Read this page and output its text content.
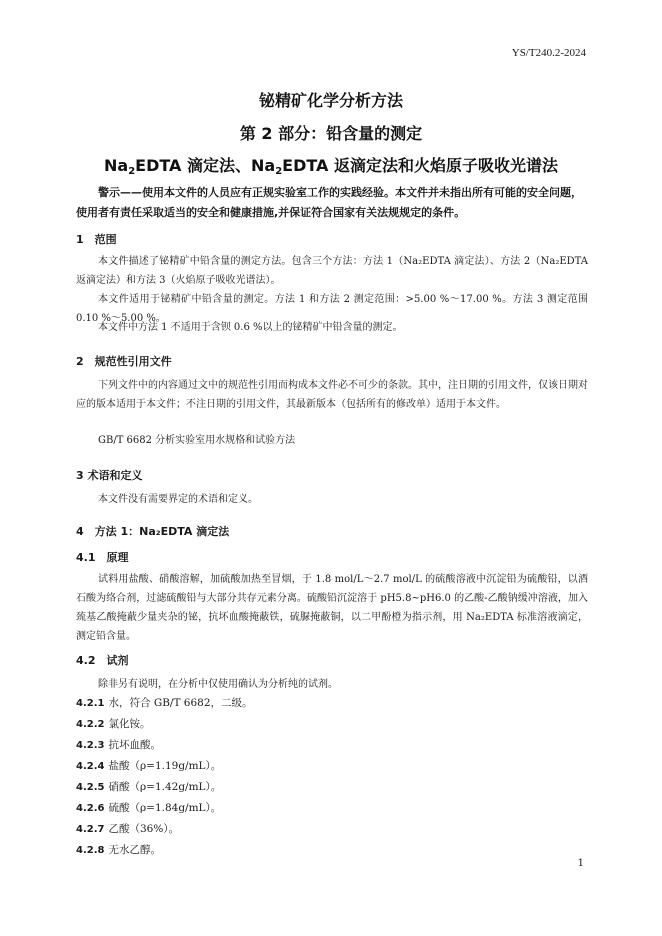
YS/T240.2-2024
铋精矿化学分析方法
第 2 部分：铅含量的测定
$Na_2EDTA$ 滴定法、$Na_2EDTA$ 返滴定法和火焰原子吸收光谱法
警示——使用本文件的人员应有正规实验室工作的实践经验。本文件并未指出所有可能的安全问题，使用者有责任采取适当的安全和健康措施,并保证符合国家有关法规规定的条件。
1　范围
本文件描述了铋精矿中铅含量的测定方法。包含三个方法：方法 1（Na₂EDTA 滴定法）、方法 2（Na₂EDTA 返滴定法）和方法 3（火焰原子吸收光谱法）。
本文件适用于铋精矿中铅含量的测定。方法 1 和方法 2 测定范围：>5.00 %～17.00 %。方法 3 测定范围 0.10 %～5.00 %。
本文件中方法 1 不适用于含钡 0.6 %以上的铋精矿中铅含量的测定。
2　规范性引用文件
下列文件中的内容通过文中的规范性引用而构成本文件必不可少的条款。其中，注日期的引用文件，仅该日期对应的版本适用于本文件；不注日期的引用文件，其最新版本（包括所有的修改单）适用于本文件。
GB/T 6682 分析实验室用水规格和试验方法
3 术语和定义
本文件没有需要界定的术语和定义。
4　方法 1：Na₂EDTA 滴定法
4.1　原理
试料用盐酸、硝酸溶解，加硫酸加热至冒烟，于 1.8 mol/L～2.7 mol/L 的硫酸溶液中沉淀铅为硫酸铅，以酒石酸为络合剂，过滤硫酸铅与大部分共存元素分离。硫酸铅沉淀溶于 pH5.8~pH6.0 的乙酸-乙酸钠缓冲溶液，加入巯基乙酸掩蔽少量夹杂的铋，抗坏血酸掩蔽铁，硫脲掩蔽铜，以二甲酚橙为指示剂，用 Na₂EDTA 标准溶液滴定，测定铅含量。
4.2　试剂
除非另有说明，在分析中仅使用确认为分析纯的试剂。
4.2.1 水，符合 GB/T 6682，二级。
4.2.2 氯化铵。
4.2.3 抗坏血酸。
4.2.4 盐酸（ρ=1.19g/mL）。
4.2.5 硝酸（ρ=1.42g/mL）。
4.2.6 硫酸（ρ=1.84g/mL）。
4.2.7 乙酸（36%）。
4.2.8 无水乙醇。
1
